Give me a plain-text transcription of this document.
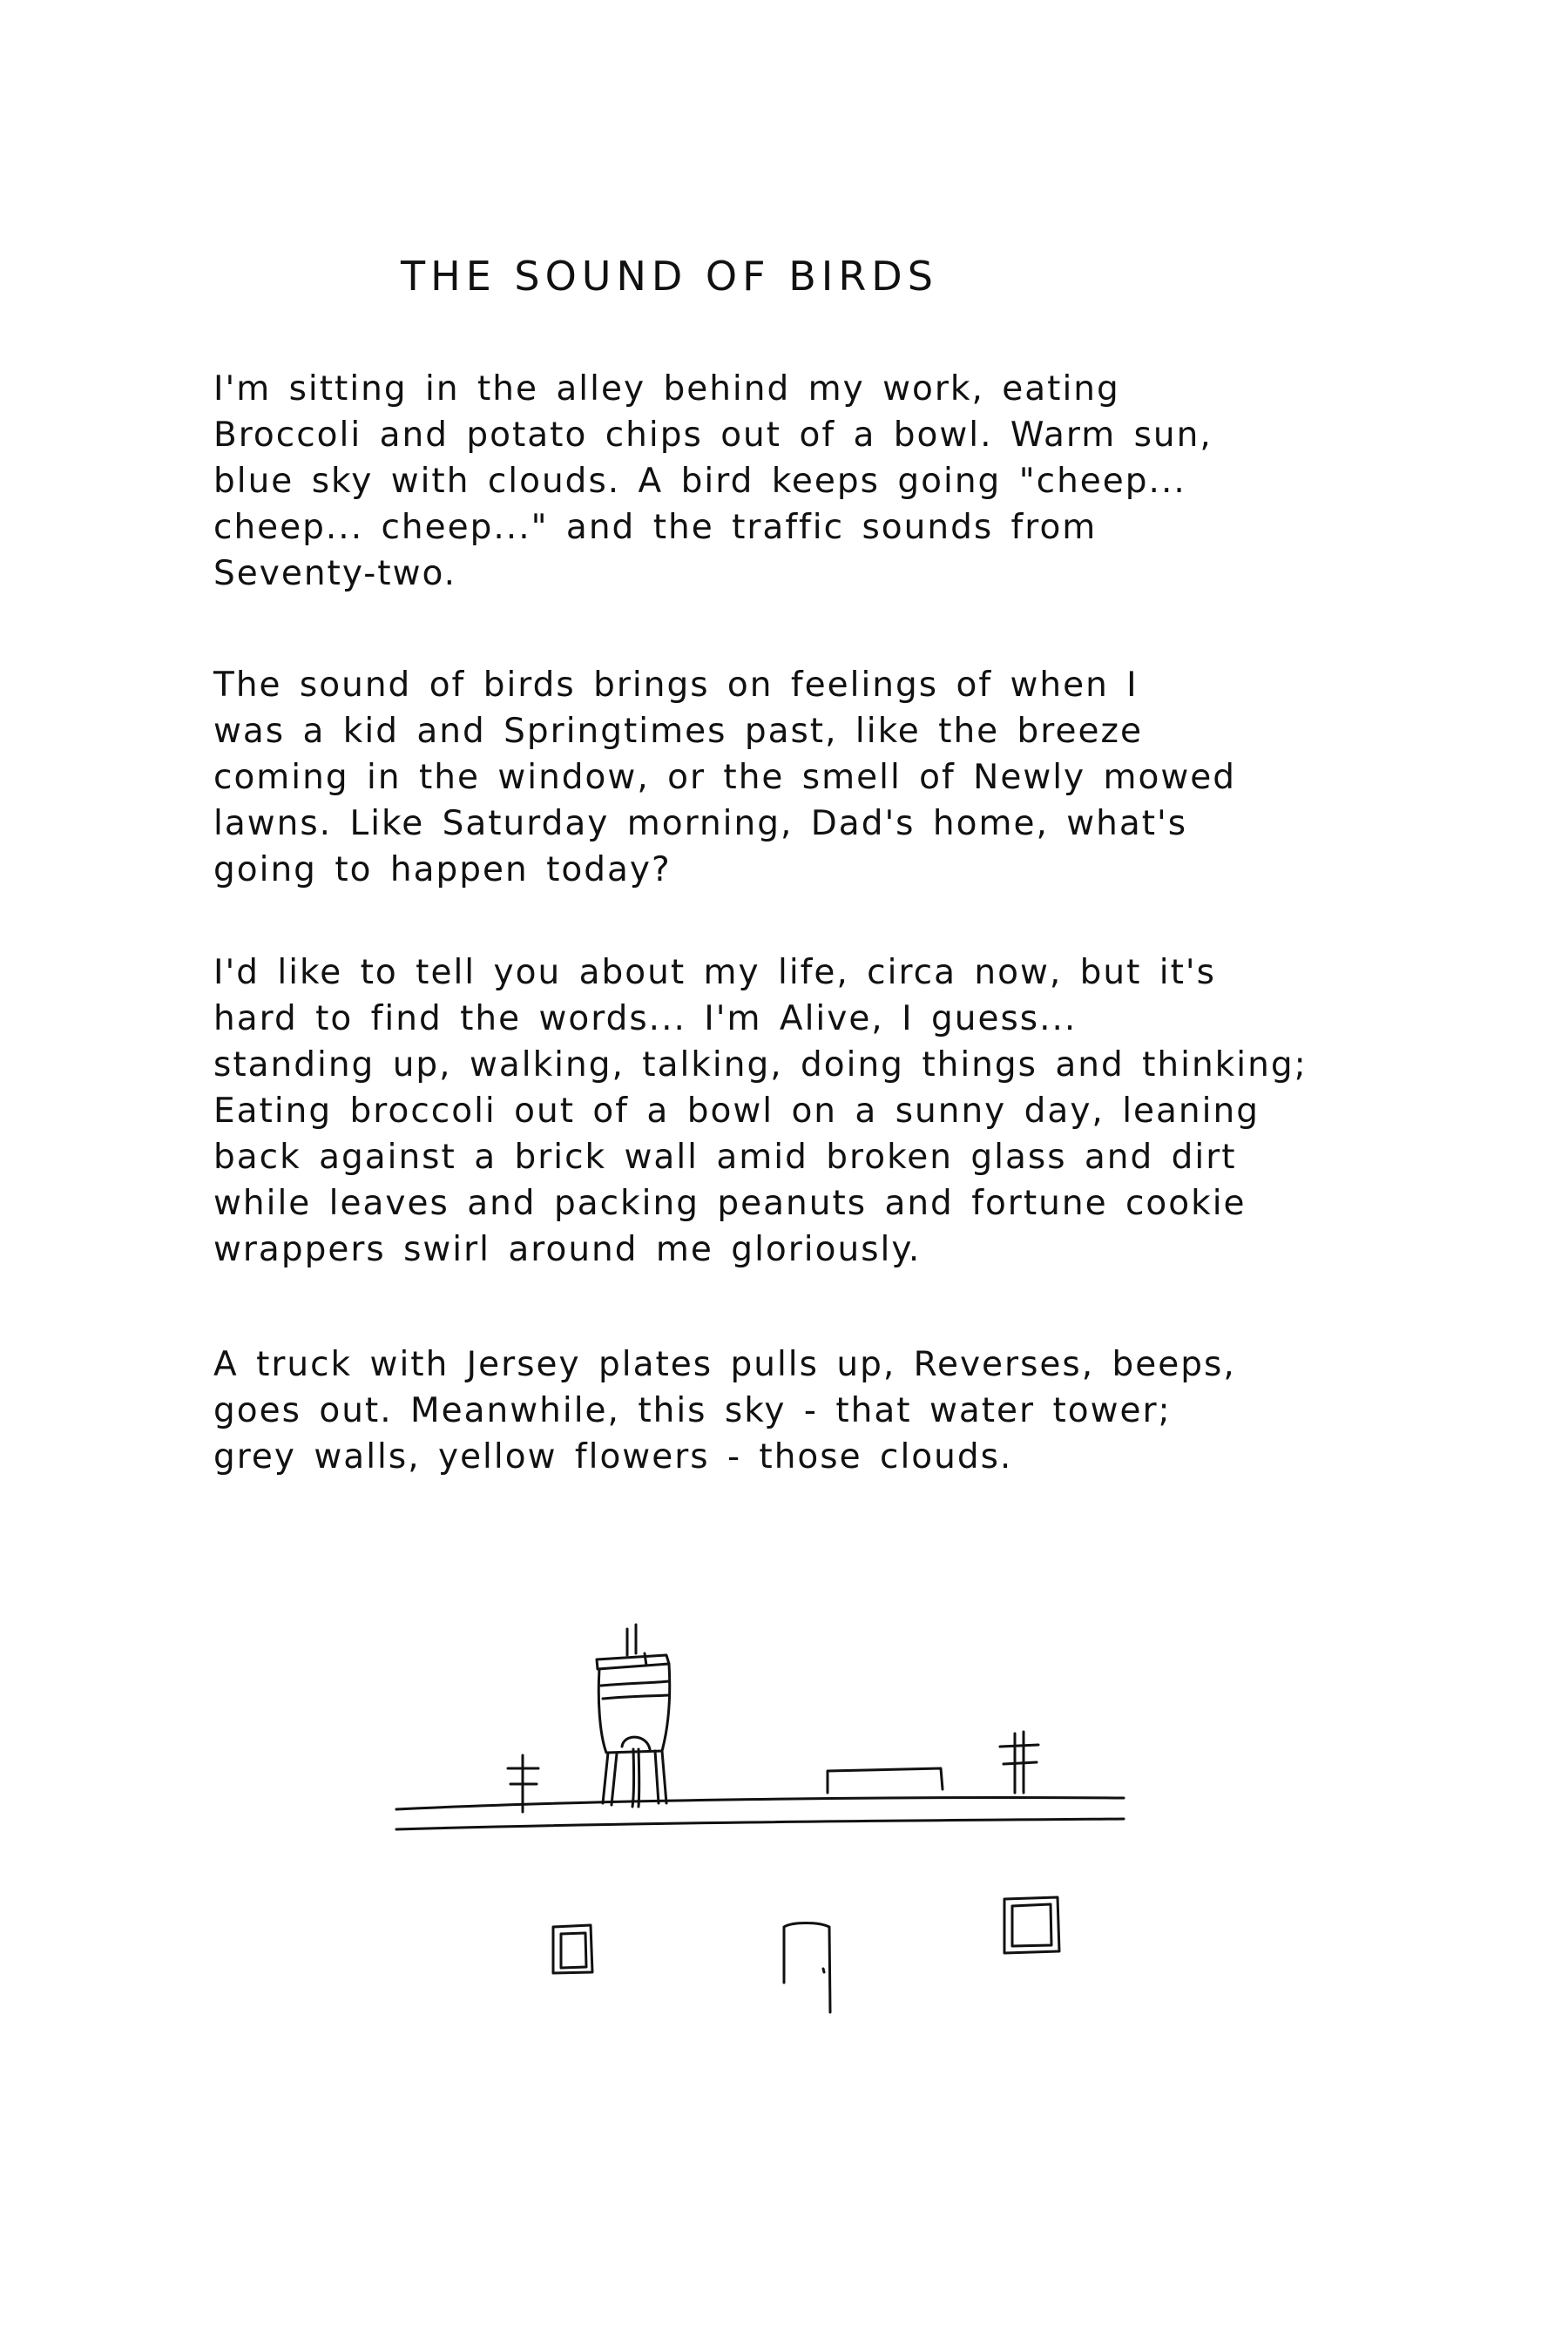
THE SOUND OF BIRDS
I'm sitting in the alley behind my work, eating
Broccoli and potato chips out of a bowl. Warm sun,
blue sky with clouds. A bird keeps going "cheep...
cheep... cheep..." and the traffic sounds from
Seventy-two.
The sound of birds brings on feelings of when I
was a kid and Springtimes past, like the breeze
coming in the window, or the smell of Newly mowed
lawns. Like Saturday morning, Dad's home, what's
going to happen today?
I'd like to tell you about my life, circa now, but it's
hard to find the words... I'm Alive, I guess...
standing up, walking, talking, doing things and thinking;
Eating broccoli out of a bowl on a sunny day, leaning
back against a brick wall amid broken glass and dirt
while leaves and packing peanuts and fortune cookie
wrappers swirl around me gloriously.
A truck with Jersey plates pulls up, Reverses, beeps,
goes out. Meanwhile, this sky - that water tower;
grey walls, yellow flowers - those clouds.
